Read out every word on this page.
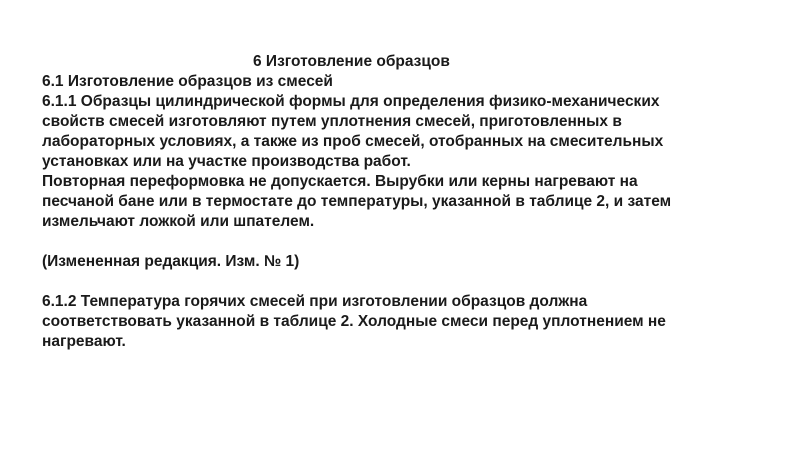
6 Изготовление образцов

6.1 Изготовление образцов из смесей

6.1.1 Образцы цилиндрической формы для определения физико-механических

свойств смесей изготовляют путем уплотнения смесей, приготовленных в

лабораторных условиях, а также из проб смесей, отобранных на смесительных

установках или на участке производства работ.

Повторная переформовка не допускается. Вырубки или керны нагревают на

песчаной бане или в термостате до температуры, указанной в таблице 2, и затем

измельчают ложкой или шпателем.

(Измененная редакция. Изм. № 1)

6.1.2 Температура горячих смесей при изготовлении образцов должна

соответствовать указанной в таблице 2. Холодные смеси перед уплотнением не

нагревают.
